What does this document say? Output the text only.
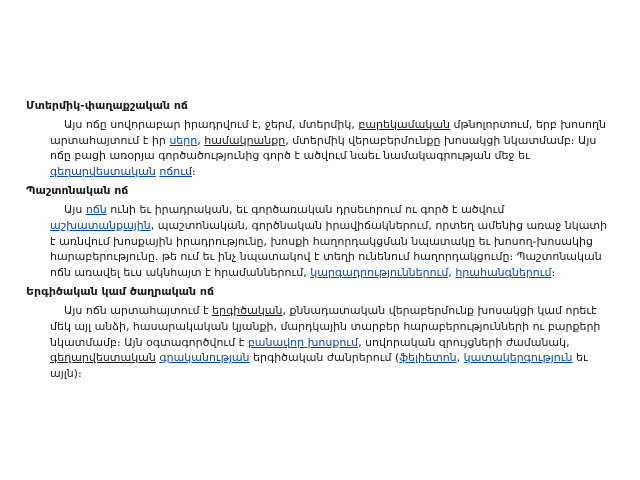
Մտերմիկ-փաղաքշական ոճ

Այս ոճը սովորաբար իրադրվում է, ջերմ, մտերմիկ, բարեկամական մթնոլորտում, երբ խոսողն արտահայտում է իր սերը, համակրանքը, մտերմիկ վերաբերմունքը խոսակցի նկատմամբ։ Այս ոճը բացի առօրյա գործածությունից գործ է ածվում նաեւ նամակագրության մեջ եւ գեղարվեստական ոճում։

Պաշտոնական ոճ

Այս ոճն ունի եւ իրադրական, եւ գործառական դրսեւորում ու գործ է ածվում աշխատանքային, պաշտոնական, գործնական իրավիճակներում, որտեղ ամենից առաջ նկատի է առնվում խոսքային իրադրությունը, խոսքի հաղորդակցման նպատակը եւ խոսող-խոսակից հարաբերությունը. թե ում եւ ինչ նպատակով է տեղի ունենում հաղորդակցումը։ Պաշտոնական ոճն առավել եւս ակնհայտ է հրամաններում, կարգադրություններում, հրահանգներում։

Երգիծական կամ ծաղրական ոճ

Այս ոճն արտահայտում է երգիծական, քննադատական վերաբերմունք խոսակցի կամ որեւէ մեկ այլ անձի, հասարակական կյանքի, մարդկային տարբեր հարաբերությունների ու բարքերի նկատմամբ։ Այն օգտագործվում է բանավոր խոսքում, սովորական զրույցների ժամանակ, գեղարվեստական գրականության երգիծական ժանրերում (ֆելիետոն, կատակերգություն եւ այլն)։
